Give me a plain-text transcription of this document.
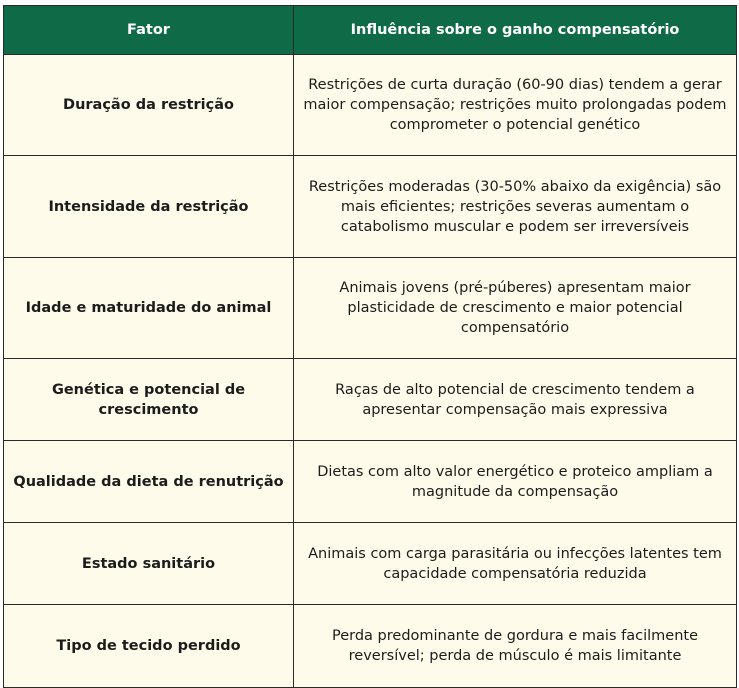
Fator	Influência sobre o ganho compensatório
Duração da restrição	Restrições de curta duração (60-90 dias) tendem a gerar maior compensação; restrições muito prolongadas podem comprometer o potencial genético
Intensidade da restrição	Restrições moderadas (30-50% abaixo da exigência) são mais eficientes; restrições severas aumentam o catabolismo muscular e podem ser irreversíveis
Idade e maturidade do animal	Animais jovens (pré-púberes) apresentam maior plasticidade de crescimento e maior potencial compensatório
Genética e potencial de crescimento	Raças de alto potencial de crescimento tendem a apresentar compensação mais expressiva
Qualidade da dieta de renutrição	Dietas com alto valor energético e proteico ampliam a magnitude da compensação
Estado sanitário	Animais com carga parasitária ou infecções latentes tem capacidade compensatória reduzida
Tipo de tecido perdido	Perda predominante de gordura e mais facilmente reversível; perda de músculo é mais limitante
